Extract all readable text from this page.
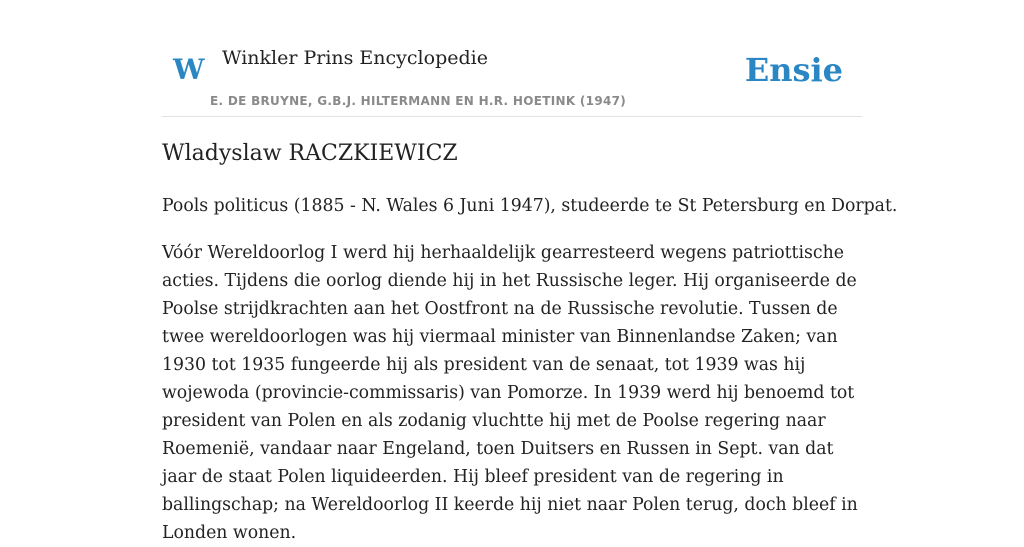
W Winkler Prins Encyclopedie
E. DE BRUYNE, G.B.J. HILTERMANN EN H.R. HOETINK (1947)
Ensie
Wladyslaw RACZKIEWICZ

Pools politicus (1885 - N. Wales 6 Juni 1947), studeerde te St Petersburg en Dorpat.

Vóór Wereldoorlog I werd hij herhaaldelijk gearresteerd wegens patriottische acties. Tijdens die oorlog diende hij in het Russische leger. Hij organiseerde de Poolse strijdkrachten aan het Oostfront na de Russische revolutie. Tussen de twee wereldoorlogen was hij viermaal minister van Binnenlandse Zaken; van 1930 tot 1935 fungeerde hij als president van de senaat, tot 1939 was hij wojewoda (provincie-commissaris) van Pomorze. In 1939 werd hij benoemd tot president van Polen en als zodanig vluchtte hij met de Poolse regering naar Roemenië, vandaar naar Engeland, toen Duitsers en Russen in Sept. van dat jaar de staat Polen liquideerden. Hij bleef president van de regering in ballingschap; na Wereldoorlog II keerde hij niet naar Polen terug, doch bleef in Londen wonen.
